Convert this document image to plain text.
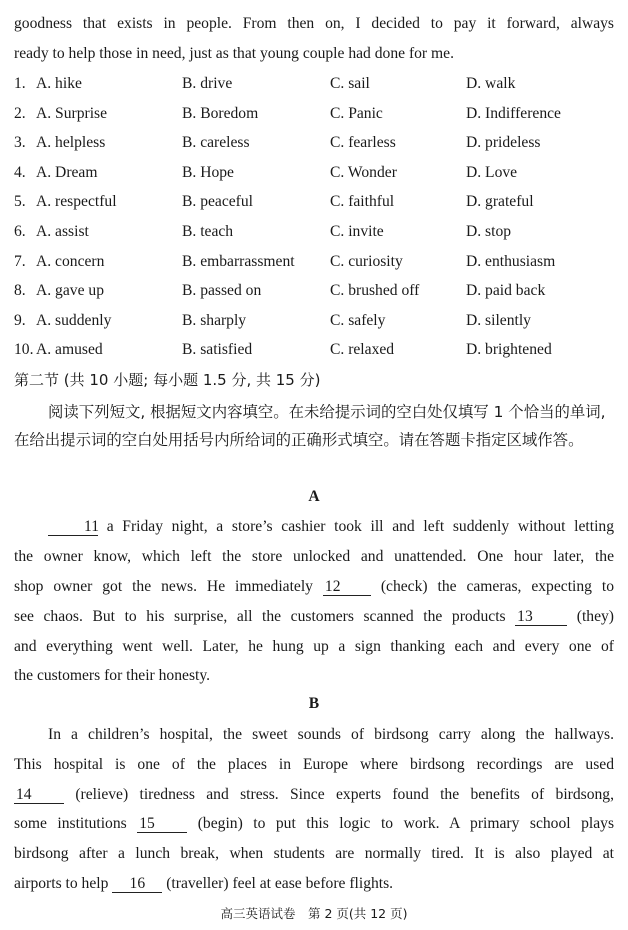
goodness that exists in people. From then on, I decided to pay it forward, always
ready to help those in need, just as that young couple had done for me.
1. A. hike	B. drive	C. sail	D. walk
2. A. Surprise	B. Boredom	C. Panic	D. Indifference
3. A. helpless	B. careless	C. fearless	D. prideless
4. A. Dream	B. Hope	C. Wonder	D. Love
5. A. respectful	B. peaceful	C. faithful	D. grateful
6. A. assist	B. teach	C. invite	D. stop
7. A. concern	B. embarrassment C. curiosity	D. enthusiasm
8. A. gave up	B. passed on	C. brushed off	D. paid back
9. A. suddenly	B. sharply	C. safely	D. silently
10. A. amused	B. satisfied	C. relaxed	D. brightened
第二节 (共 10 小题; 每小题 1.5 分, 共 15 分)
阅读下列短文, 根据短文内容填空。在未给提示词的空白处仅填写 1 个恰当的单词, 在给出提示词的空白处用括号内所给词的正确形式填空。请在答题卡指定区域作答。
A
11 a Friday night, a store’s cashier took ill and left suddenly without letting
the owner know, which left the store unlocked and unattended. One hour later, the
shop owner got the news. He immediately 12	(check) the cameras, expecting to
see chaos. But to his surprise, all the customers scanned the products 13	(they)
and everything went well. Later, he hung up a sign thanking each and every one of
the customers for their honesty.
B
In a children’s hospital, the sweet sounds of birdsong carry along the hallways.
This hospital is one of the places in Europe where birdsong recordings are used
14	(relieve) tiredness and stress. Since experts found the benefits of birdsong,
some institutions 15	(begin) to put this logic to work. A primary school plays
birdsong after a lunch break, when students are normally tired. It is also played at
airports to help 16 (traveller) feel at ease before flights.
高三英语试卷　第 2 页(共 12 页)
